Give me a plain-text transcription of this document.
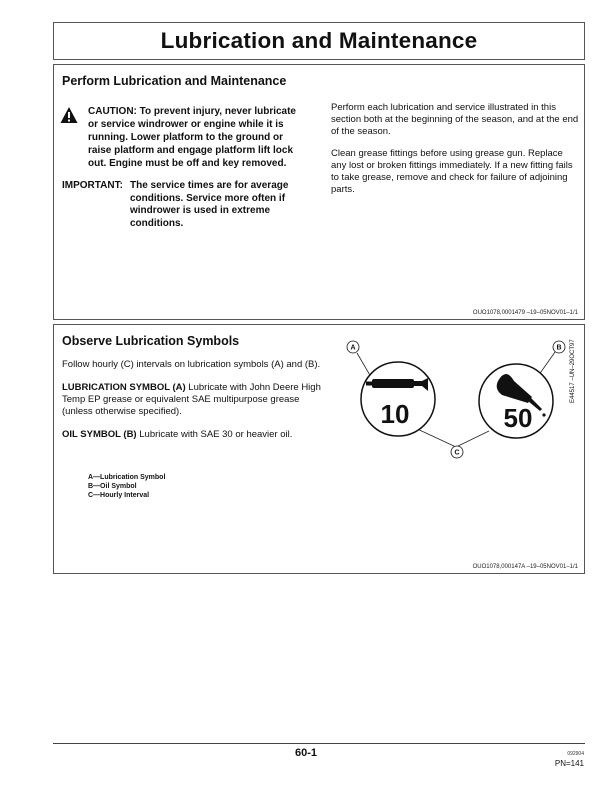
Lubrication and Maintenance
Perform Lubrication and Maintenance
CAUTION: To prevent injury, never lubricate or service windrower or engine while it is running. Lower platform to the ground or raise platform and engage platform lift lock out. Engine must be off and key removed.
IMPORTANT: The service times are for average conditions. Service more often if windrower is used in extreme conditions.

Perform each lubrication and service illustrated in this section both at the beginning of the season, and at the end of the season.

Clean grease fittings before using grease gun. Replace any lost or broken fittings immediately. If a new fitting fails to take grease, remove and check for failure of adjoining parts.

OUO1078,0001479 –19–05NOV01–1/1
Observe Lubrication Symbols

Follow hourly (C) intervals on lubrication symbols (A) and (B).

LUBRICATION SYMBOL (A) Lubricate with John Deere High Temp EP grease or equivalent SAE multipurpose grease (unless otherwise specified).

OIL SYMBOL (B) Lubricate with SAE 30 or heavier oil.

A—Lubrication Symbol
B—Oil Symbol
C—Hourly Interval
10	50
A	B
C
E44517 –UN–29OCT97
OUO1078,000147A –19–05NOV01–1/1
60-1	092904
PN=141
